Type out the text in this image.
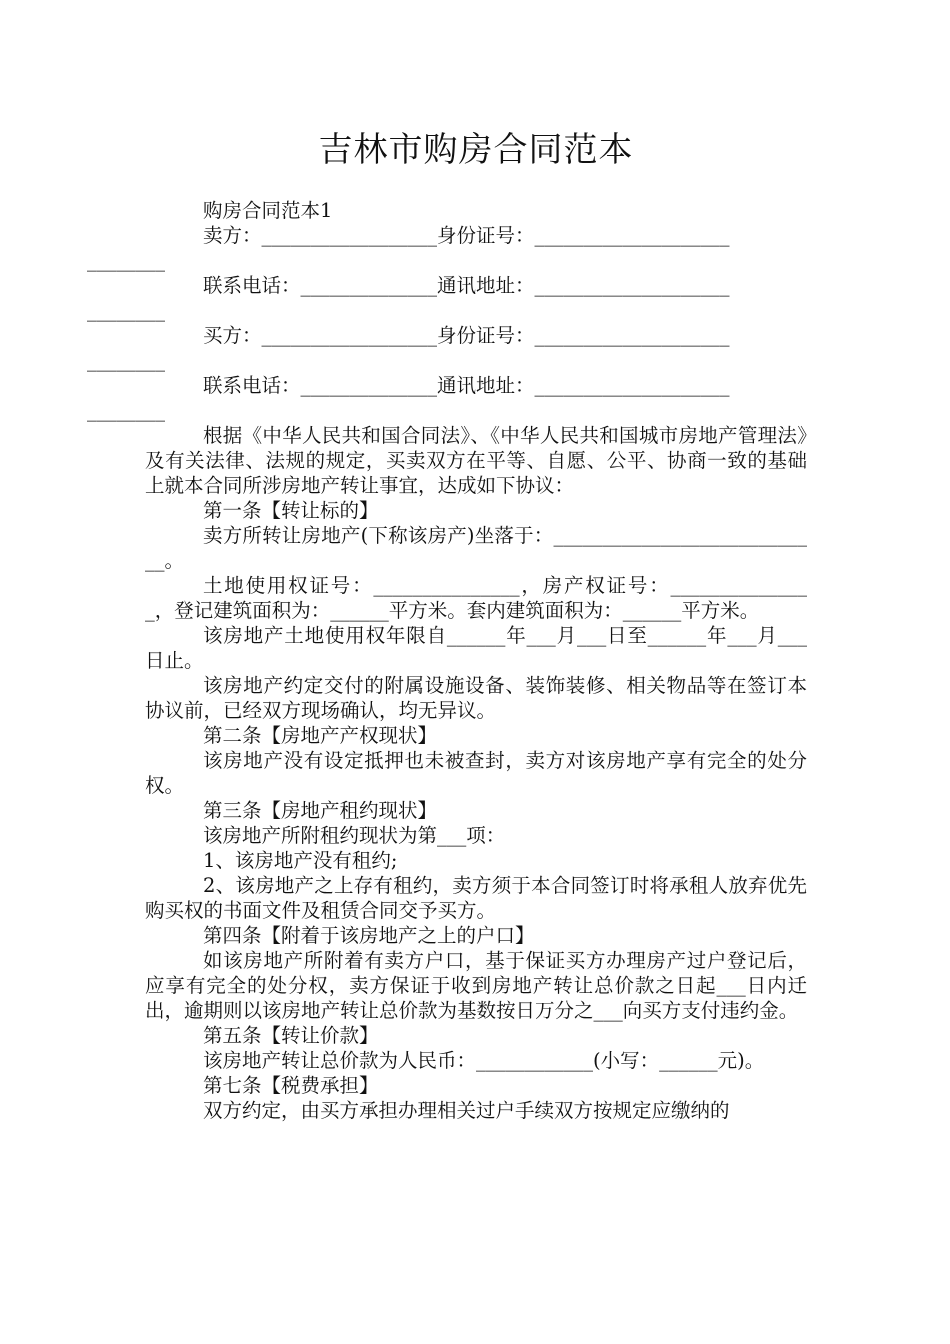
吉林市购房合同范本

购房合同范本1

卖方：__________________身份证号：____________________
________

联系电话：______________通讯地址：____________________
________

买方：__________________身份证号：____________________
________

联系电话：______________通讯地址：____________________
________

根据《中华人民共和国合同法》、《中华人民共和国城市房地产管理法》及有关法律、法规的规定，买卖双方在平等、自愿、公平、协商一致的基础上就本合同所涉房地产转让事宜，达成如下协议：

第一条【转让标的】

卖方所转让房地产(下称该房产)坐落于：____________________________。

土地使用权证号：_______________，房产权证号：_______________，登记建筑面积为：______平方米。套内建筑面积为：______平方米。

该房地产土地使用权年限自______年___月___日至______年___月___日止。

该房地产约定交付的附属设施设备、装饰装修、相关物品等在签订本协议前，已经双方现场确认，均无异议。

第二条【房地产产权现状】

该房地产没有设定抵押也未被查封，卖方对该房地产享有完全的处分权。

第三条【房地产租约现状】

该房地产所附租约现状为第___项：

1、该房地产没有租约;

2、该房地产之上存有租约，卖方须于本合同签订时将承租人放弃优先购买权的书面文件及租赁合同交予买方。

第四条【附着于该房地产之上的户口】

如该房地产所附着有卖方户口，基于保证买方办理房产过户登记后，应享有完全的处分权，卖方保证于收到房地产转让总价款之日起___日内迁出，逾期则以该房地产转让总价款为基数按日万分之___向买方支付违约金。

第五条【转让价款】

该房地产转让总价款为人民币：____________(小写：______元)。

第七条【税费承担】

双方约定，由买方承担办理相关过户手续双方按规定应缴纳的
